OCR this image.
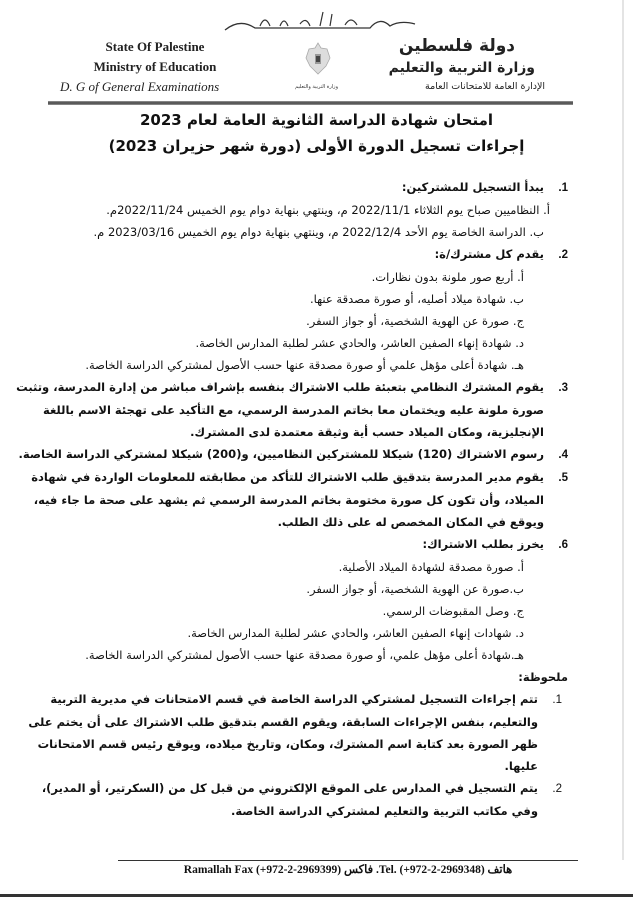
بسم الله الرحمن الرحيم
State Of Palestine
Ministry of Education
D. G of General Examinations	وزارة التربية والتعليم
دولة فلسطين
وزارة التربية والتعليم
الإدارة العامة للامتحانات العامة
امتحان شهادة الدراسة الثانوية العامة لعام 2023
إجراءات تسجيل الدورة الأولى (دورة شهر حزيران 2023)
1.يبدأ التسجيل للمشتركين:
أ. النظاميين صباح يوم الثلاثاء 2022/11/1 م، وينتهي بنهاية دوام يوم الخميس 2022/11/24م.
ب. الدراسة الخاصة يوم الأحد 2022/12/4 م، وينتهي بنهاية دوام يوم الخميس 2023/03/16 م.
2.يقدم كل مشترك/ة:
أ. أربع صور ملونة بدون نظارات.
ب. شهادة ميلاد أصليه، أو صورة مصدقة عنها.
ج. صورة عن الهوية الشخصية، أو جواز السفر.
د. شهادة إنهاء الصفين العاشر، والحادي عشر لطلبة المدارس الخاصة.
هـ. شهادة أعلى مؤهل علمي أو صورة مصدقة عنها حسب الأصول لمشتركي الدراسة الخاصة.
3.يقوم المشترك النظامي بتعبئة طلب الاشتراك بنفسه بإشراف مباشر من إدارة المدرسة، وتثبت
صورة ملونة عليه ويختمان معا بخاتم المدرسة الرسمي، مع التأكيد على تهجئة الاسم باللغة
الإنجليزية، ومكان الميلاد حسب أية وثيقة معتمدة لدى المشترك.
4.رسوم الاشتراك (120) شيكلا للمشتركين النظاميين، و(200) شيكلا لمشتركي الدراسة الخاصة.
5.يقوم مدير المدرسة بتدقيق طلب الاشتراك للتأكد من مطابقته للمعلومات الواردة في شهادة
الميلاد، وأن تكون كل صورة مختومة بخاتم المدرسة الرسمي ثم يشهد على صحة ما جاء فيه،
ويوقع في المكان المخصص له على ذلك الطلب.
6.يخرز بطلب الاشتراك:
أ. صورة مصدقة لشهادة الميلاد الأصلية.
ب.صورة عن الهوية الشخصية، أو جواز السفر.
ج. وصل المقبوضات الرسمي.
د. شهادات إنهاء الصفين العاشر، والحادي عشر لطلبة المدارس الخاصة.
هـ.شهادة أعلى مؤهل علمي، أو صورة مصدقة عنها حسب الأصول لمشتركي الدراسة الخاصة.
ملحوظة:
1.تتم إجراءات التسجيل لمشتركي الدراسة الخاصة في قسم الامتحانات في مديرية التربية
والتعليم، بنفس الإجراءات السابقة، ويقوم القسم بتدقيق طلب الاشتراك على أن يختم على
ظهر الصورة بعد كتابة اسم المشترك، ومكان، وتاريخ ميلاده، ويوقع رئيس قسم الامتحانات
عليها.
2.يتم التسجيل في المدارس على الموقع الإلكتروني من قبل كل من (السكرتير، أو المدير)،
وفي مكاتب التربية والتعليم لمشتركي الدراسة الخاصة.
Ramallah Fax (+972-2-2969399) فاكس .Tel. (+972-2-2969348) هاتف
